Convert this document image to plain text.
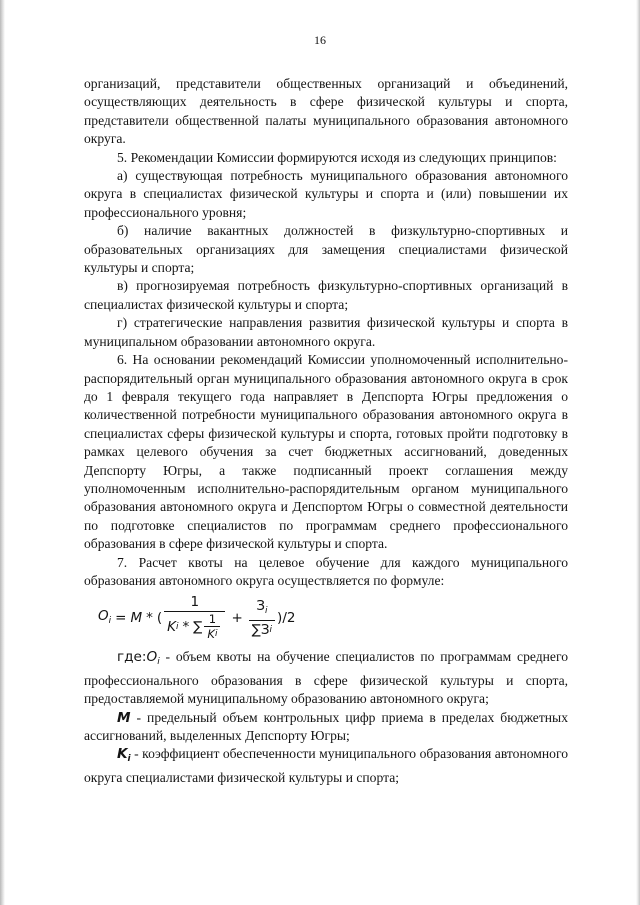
16

организаций, представители общественных организаций и объединений, осуществляющих деятельность в сфере физической культуры и спорта, представители общественной палаты муниципального образования автономного округа.

5. Рекомендации Комиссии формируются исходя из следующих принципов:

а) существующая потребность муниципального образования автономного округа в специалистах физической культуры и спорта и (или) повышении их профессионального уровня;

б) наличие вакантных должностей в физкультурно-спортивных и образовательных организациях для замещения специалистами физической культуры и спорта;

в) прогнозируемая потребность физкультурно-спортивных организаций в специалистах физической культуры и спорта;

г) стратегические направления развития физической культуры и спорта в муниципальном образовании автономного округа.

6. На основании рекомендаций Комиссии уполномоченный исполнительно-распорядительный орган муниципального образования автономного округа в срок до 1 февраля текущего года направляет в Депспорта Югры предложения о количественной потребности муниципального образования автономного округа в специалистах сферы физической культуры и спорта, готовых пройти подготовку в рамках целевого обучения за счет бюджетных ассигнований, доведенных Депспорту Югры, а также подписанный проект соглашения между уполномоченным исполнительно-распорядительным органом муниципального образования автономного округа и Депспортом Югры о совместной деятельности по подготовке специалистов по программам среднего профессионального образования в сфере физической культуры и спорта.

7. Расчет квоты на целевое обучение для каждого муниципального образования автономного округа осуществляется по формуле:

$O_i = M$ * ( $\frac{1}{K i * \sum \frac{1}{\text{K i}}} + \frac{З_i}{\text{∑ З i}} )/2$

$где:O_i$ - объем квоты на обучение специалистов по программам среднего профессионального образования в сфере физической культуры и спорта, предоставляемой муниципальному образованию автономного округа;

M - предельный объем контрольных цифр приема в пределах бюджетных ассигнований, выделенных Депспорту Югры;

$K_i$ - коэффициент обеспеченности муниципального образования автономного округа специалистами физической культуры и спорта;
